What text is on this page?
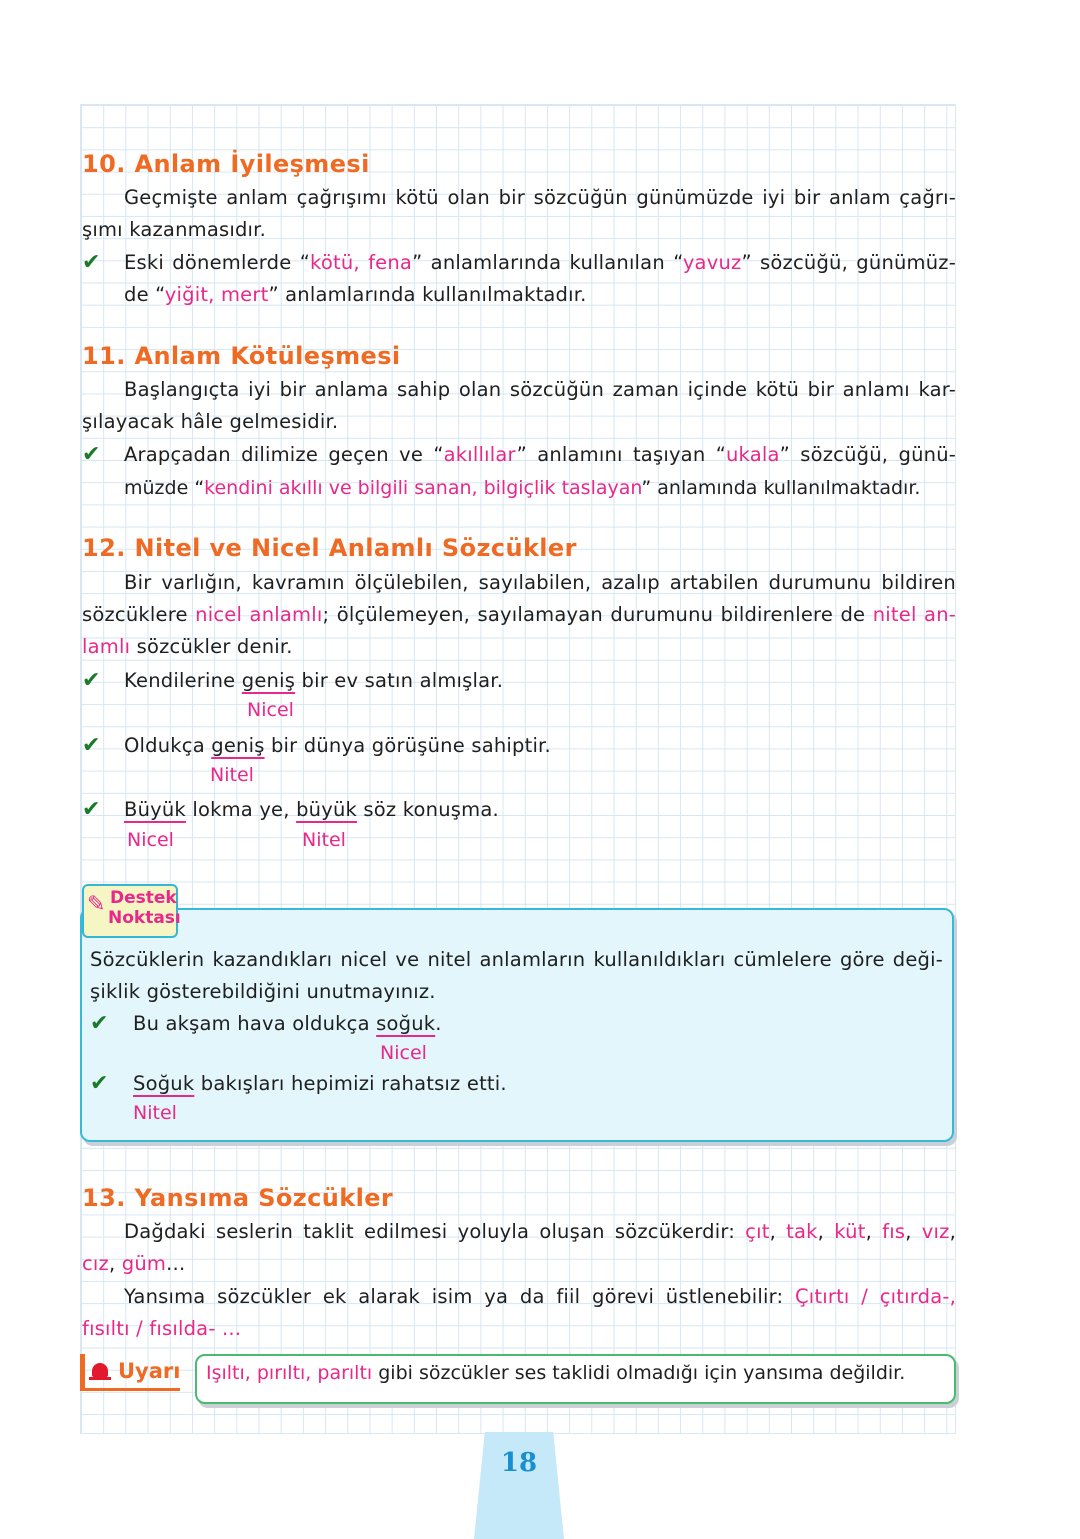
10. Anlam İyileşmesi
Geçmişte anlam çağrışımı kötü olan bir sözcüğün günümüzde iyi bir anlam çağrı-
şımı kazanmasıdır.
✔ Eski dönemlerde “kötü, fena” anlamlarında kullanılan “yavuz” sözcüğü, günümüz-
de “yiğit, mert” anlamlarında kullanılmaktadır.
11. Anlam Kötüleşmesi
Başlangıçta iyi bir anlama sahip olan sözcüğün zaman içinde kötü bir anlamı kar-
şılayacak hâle gelmesidir.
✔ Arapçadan dilimize geçen ve “akıllılar” anlamını taşıyan “ukala” sözcüğü, günü-
müzde “kendini akıllı ve bilgili sanan, bilgiçlik taslayan” anlamında kullanılmaktadır.
12. Nitel ve Nicel Anlamlı Sözcükler
Bir varlığın, kavramın ölçülebilen, sayılabilen, azalıp artabilen durumunu bildiren
sözcüklere nicel anlamlı; ölçülemeyen, sayılamayan durumunu bildirenlere de nitel an-
lamlı sözcükler denir.
✔ Kendilerine geniş bir ev satın almışlar.
Nicel
✔ Oldukça geniş bir dünya görüşüne sahiptir.
Nitel
✔ Büyük lokma ye, büyük söz konuşma.
Nicel	Nitel
✎ Destek
Noktası
Sözcüklerin kazandıkları nicel ve nitel anlamların kullanıldıkları cümlelere göre deği-
şiklik gösterebildiğini unutmayınız.
✔ Bu akşam hava oldukça soğuk.
Nicel
✔ Soğuk bakışları hepimizi rahatsız etti.
Nitel
13. Yansıma Sözcükler
Dağdaki seslerin taklit edilmesi yoluyla oluşan sözcükerdir: çıt, tak, küt, fıs, vız,
cız, güm...
Yansıma sözcükler ek alarak isim ya da fiil görevi üstlenebilir: Çıtırtı / çıtırda-,
fısıltı / fısılda- ...
Uyarı Işıltı, pırıltı, parıltı gibi sözcükler ses taklidi olmadığı için yansıma değildir.
18
